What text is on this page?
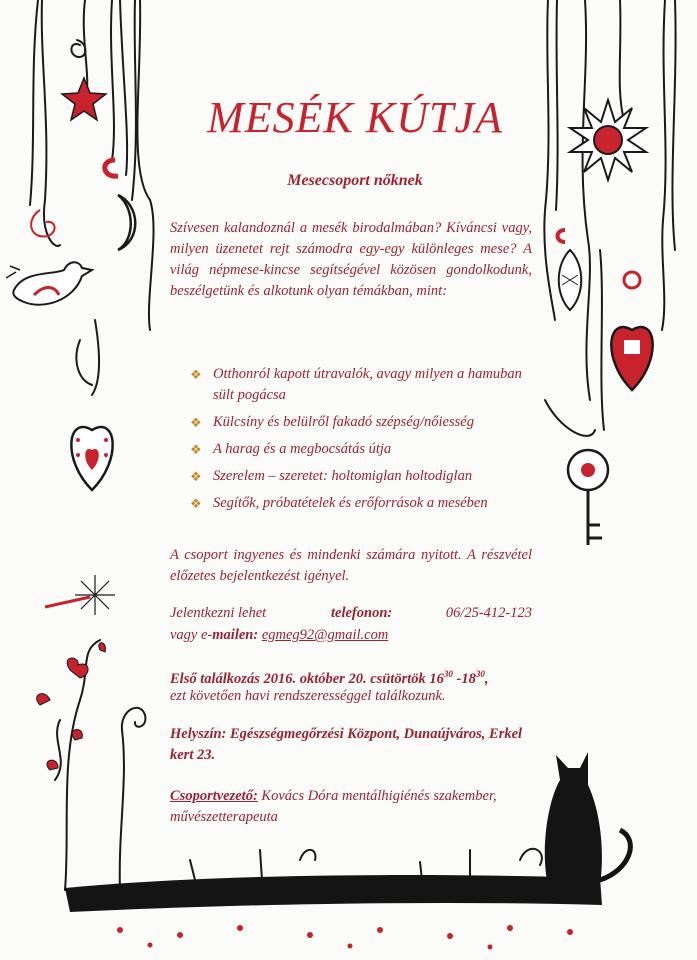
MESÉK KÚTJA
Mesecsoport nőknek

Szívesen kalandoznál a mesék birodalmában? Kíváncsi vagy, milyen üzenetet rejt számodra egy-egy különleges mese? A világ népmese-kincse segítségével közösen gondolkodunk, beszélgetünk és alkotunk olyan témákban, mint:

❖ Otthonról kapott útravalók, avagy milyen a hamuban sült pogácsa
❖ Külcsíny és belülről fakadó szépség/nőiesség
❖ A harag és a megbocsátás útja
❖ Szerelem – szeretet: holtomiglan holtodiglan
❖ Segítők, próbatételek és erőforrások a mesében

A csoport ingyenes és mindenki számára nyitott. A részvétel előzetes bejelentkezést igényel.

Jelentkezni lehet	telefonon:	06/25-412-123
vagy e-mailen: egmeg92@gmail.com
Első találkozás 2016. október 20. csütörtök $16^{30}$ $-18^{30}$,
ezt követően havi rendszerességgel találkozunk.
Helyszín: Egészségmegőrzési Központ, Dunaújváros, Erkel kert 23.
Csoportvezető: Kovács Dóra mentálhigiénés szakember, művészetterapeuta
